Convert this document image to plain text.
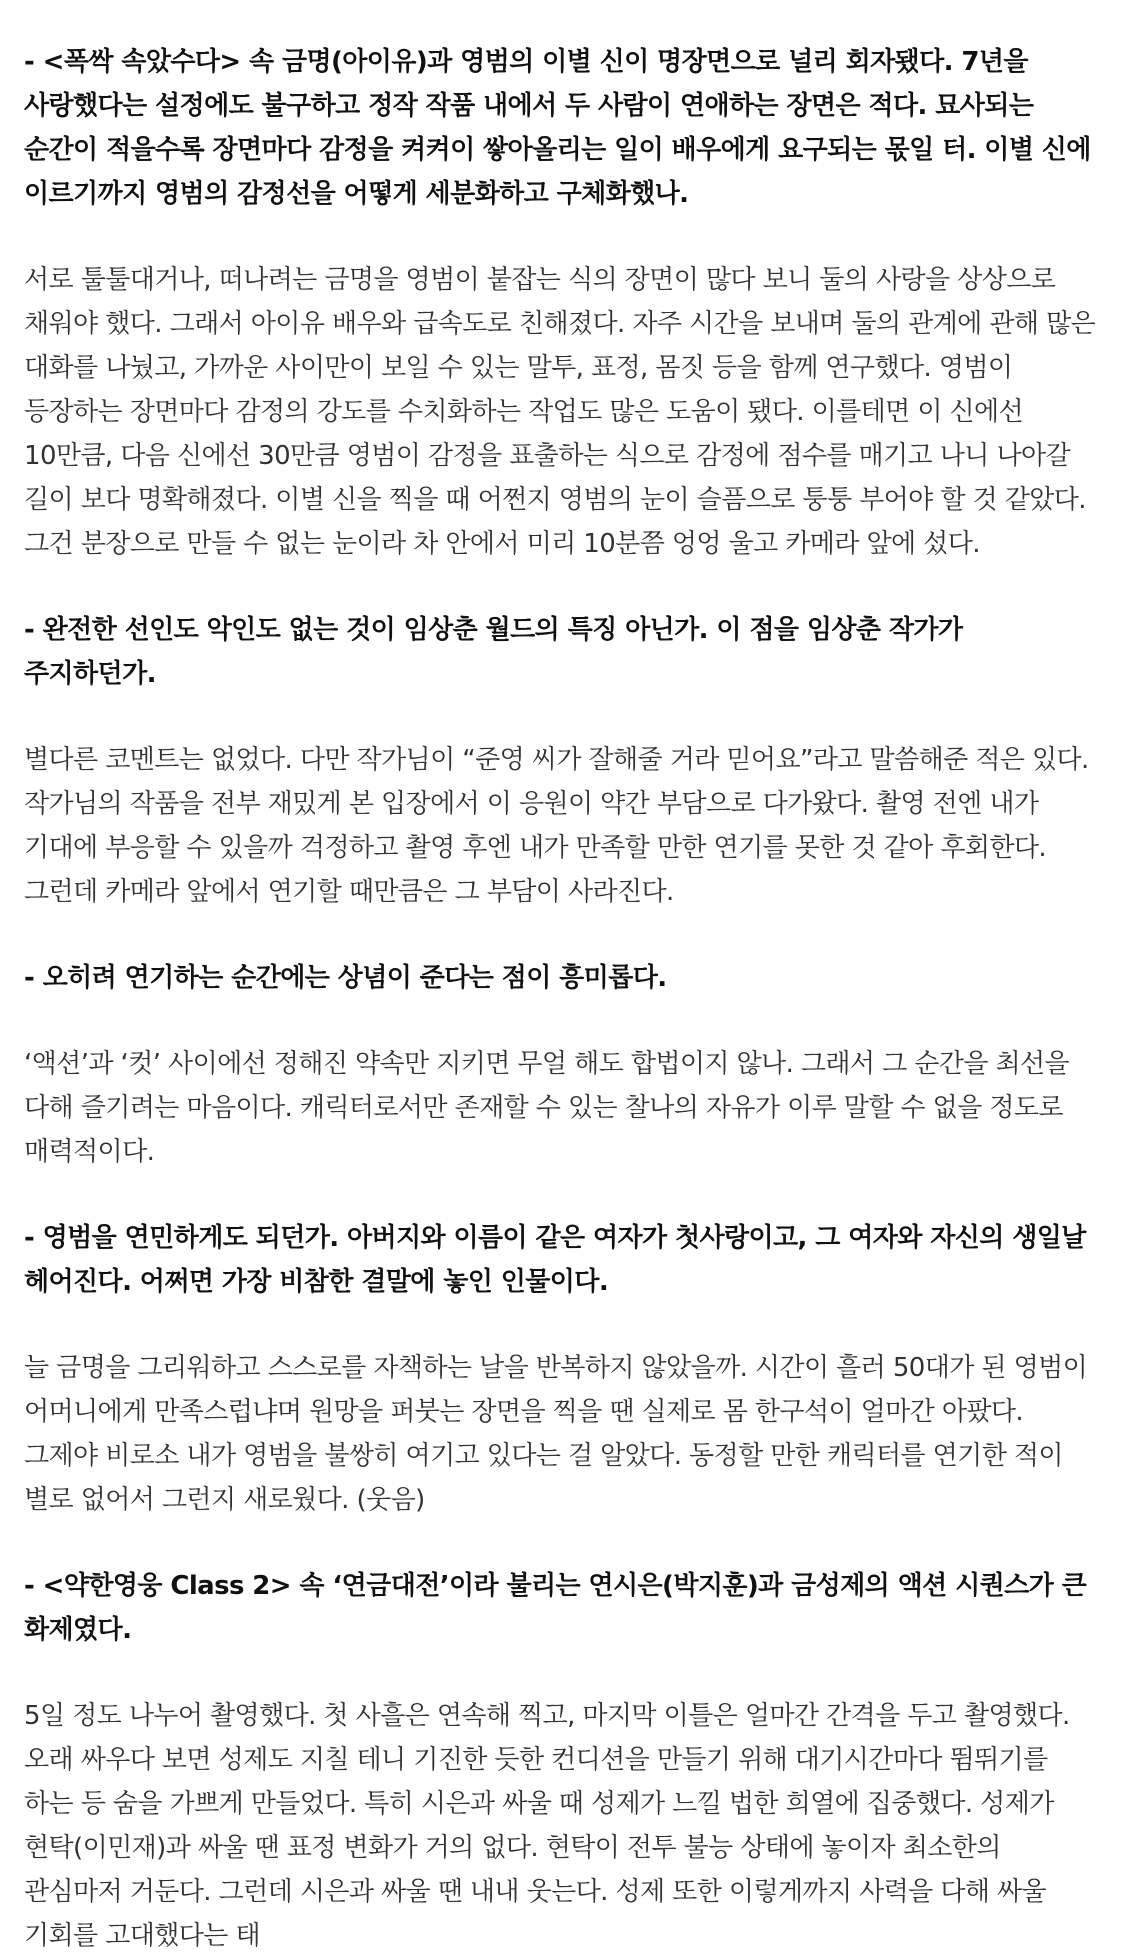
- <폭싹 속았수다> 속 금명(아이유)과 영범의 이별 신이 명장면으로 널리 회자됐다. 7년을 사랑했다는 설정에도 불구하고 정작 작품 내에서 두 사람이 연애하는 장면은 적다. 묘사되는 순간이 적을수록 장면마다 감정을 켜켜이 쌓아올리는 일이 배우에게 요구되는 몫일 터. 이별 신에 이르기까지 영범의 감정선을 어떻게 세분화하고 구체화했나.

서로 툴툴대거나, 떠나려는 금명을 영범이 붙잡는 식의 장면이 많다 보니 둘의 사랑을 상상으로 채워야 했다. 그래서 아이유 배우와 급속도로 친해졌다. 자주 시간을 보내며 둘의 관계에 관해 많은 대화를 나눴고, 가까운 사이만이 보일 수 있는 말투, 표정, 몸짓 등을 함께 연구했다. 영범이 등장하는 장면마다 감정의 강도를 수치화하는 작업도 많은 도움이 됐다. 이를테면 이 신에선 10만큼, 다음 신에선 30만큼 영범이 감정을 표출하는 식으로 감정에 점수를 매기고 나니 나아갈 길이 보다 명확해졌다. 이별 신을 찍을 때 어쩐지 영범의 눈이 슬픔으로 퉁퉁 부어야 할 것 같았다. 그건 분장으로 만들 수 없는 눈이라 차 안에서 미리 10분쯤 엉엉 울고 카메라 앞에 섰다.

- 완전한 선인도 악인도 없는 것이 임상춘 월드의 특징 아닌가. 이 점을 임상춘 작가가 주지하던가.

별다른 코멘트는 없었다. 다만 작가님이 “준영 씨가 잘해줄 거라 믿어요”라고 말씀해준 적은 있다. 작가님의 작품을 전부 재밌게 본 입장에서 이 응원이 약간 부담으로 다가왔다. 촬영 전엔 내가 기대에 부응할 수 있을까 걱정하고 촬영 후엔 내가 만족할 만한 연기를 못한 것 같아 후회한다. 그런데 카메라 앞에서 연기할 때만큼은 그 부담이 사라진다.

- 오히려 연기하는 순간에는 상념이 준다는 점이 흥미롭다.

‘액션’과 ‘컷’ 사이에선 정해진 약속만 지키면 무얼 해도 합법이지 않나. 그래서 그 순간을 최선을 다해 즐기려는 마음이다. 캐릭터로서만 존재할 수 있는 찰나의 자유가 이루 말할 수 없을 정도로 매력적이다.

- 영범을 연민하게도 되던가. 아버지와 이름이 같은 여자가 첫사랑이고, 그 여자와 자신의 생일날 헤어진다. 어쩌면 가장 비참한 결말에 놓인 인물이다.

늘 금명을 그리워하고 스스로를 자책하는 날을 반복하지 않았을까. 시간이 흘러 50대가 된 영범이 어머니에게 만족스럽냐며 원망을 퍼붓는 장면을 찍을 땐 실제로 몸 한구석이 얼마간 아팠다. 그제야 비로소 내가 영범을 불쌍히 여기고 있다는 걸 알았다. 동정할 만한 캐릭터를 연기한 적이 별로 없어서 그런지 새로웠다. (웃음)

- <약한영웅 Class 2> 속 ‘연금대전’이라 불리는 연시은(박지훈)과 금성제의 액션 시퀀스가 큰 화제였다.

5일 정도 나누어 촬영했다. 첫 사흘은 연속해 찍고, 마지막 이틀은 얼마간 간격을 두고 촬영했다. 오래 싸우다 보면 성제도 지칠 테니 기진한 듯한 컨디션을 만들기 위해 대기시간마다 뜀뛰기를 하는 등 숨을 가쁘게 만들었다. 특히 시은과 싸울 때 성제가 느낄 법한 희열에 집중했다. 성제가 현탁(이민재)과 싸울 땐 표정 변화가 거의 없다. 현탁이 전투 불능 상태에 놓이자 최소한의 관심마저 거둔다. 그런데 시은과 싸울 땐 내내 웃는다. 성제 또한 이렇게까지 사력을 다해 싸울 기회를 고대했다는 태
